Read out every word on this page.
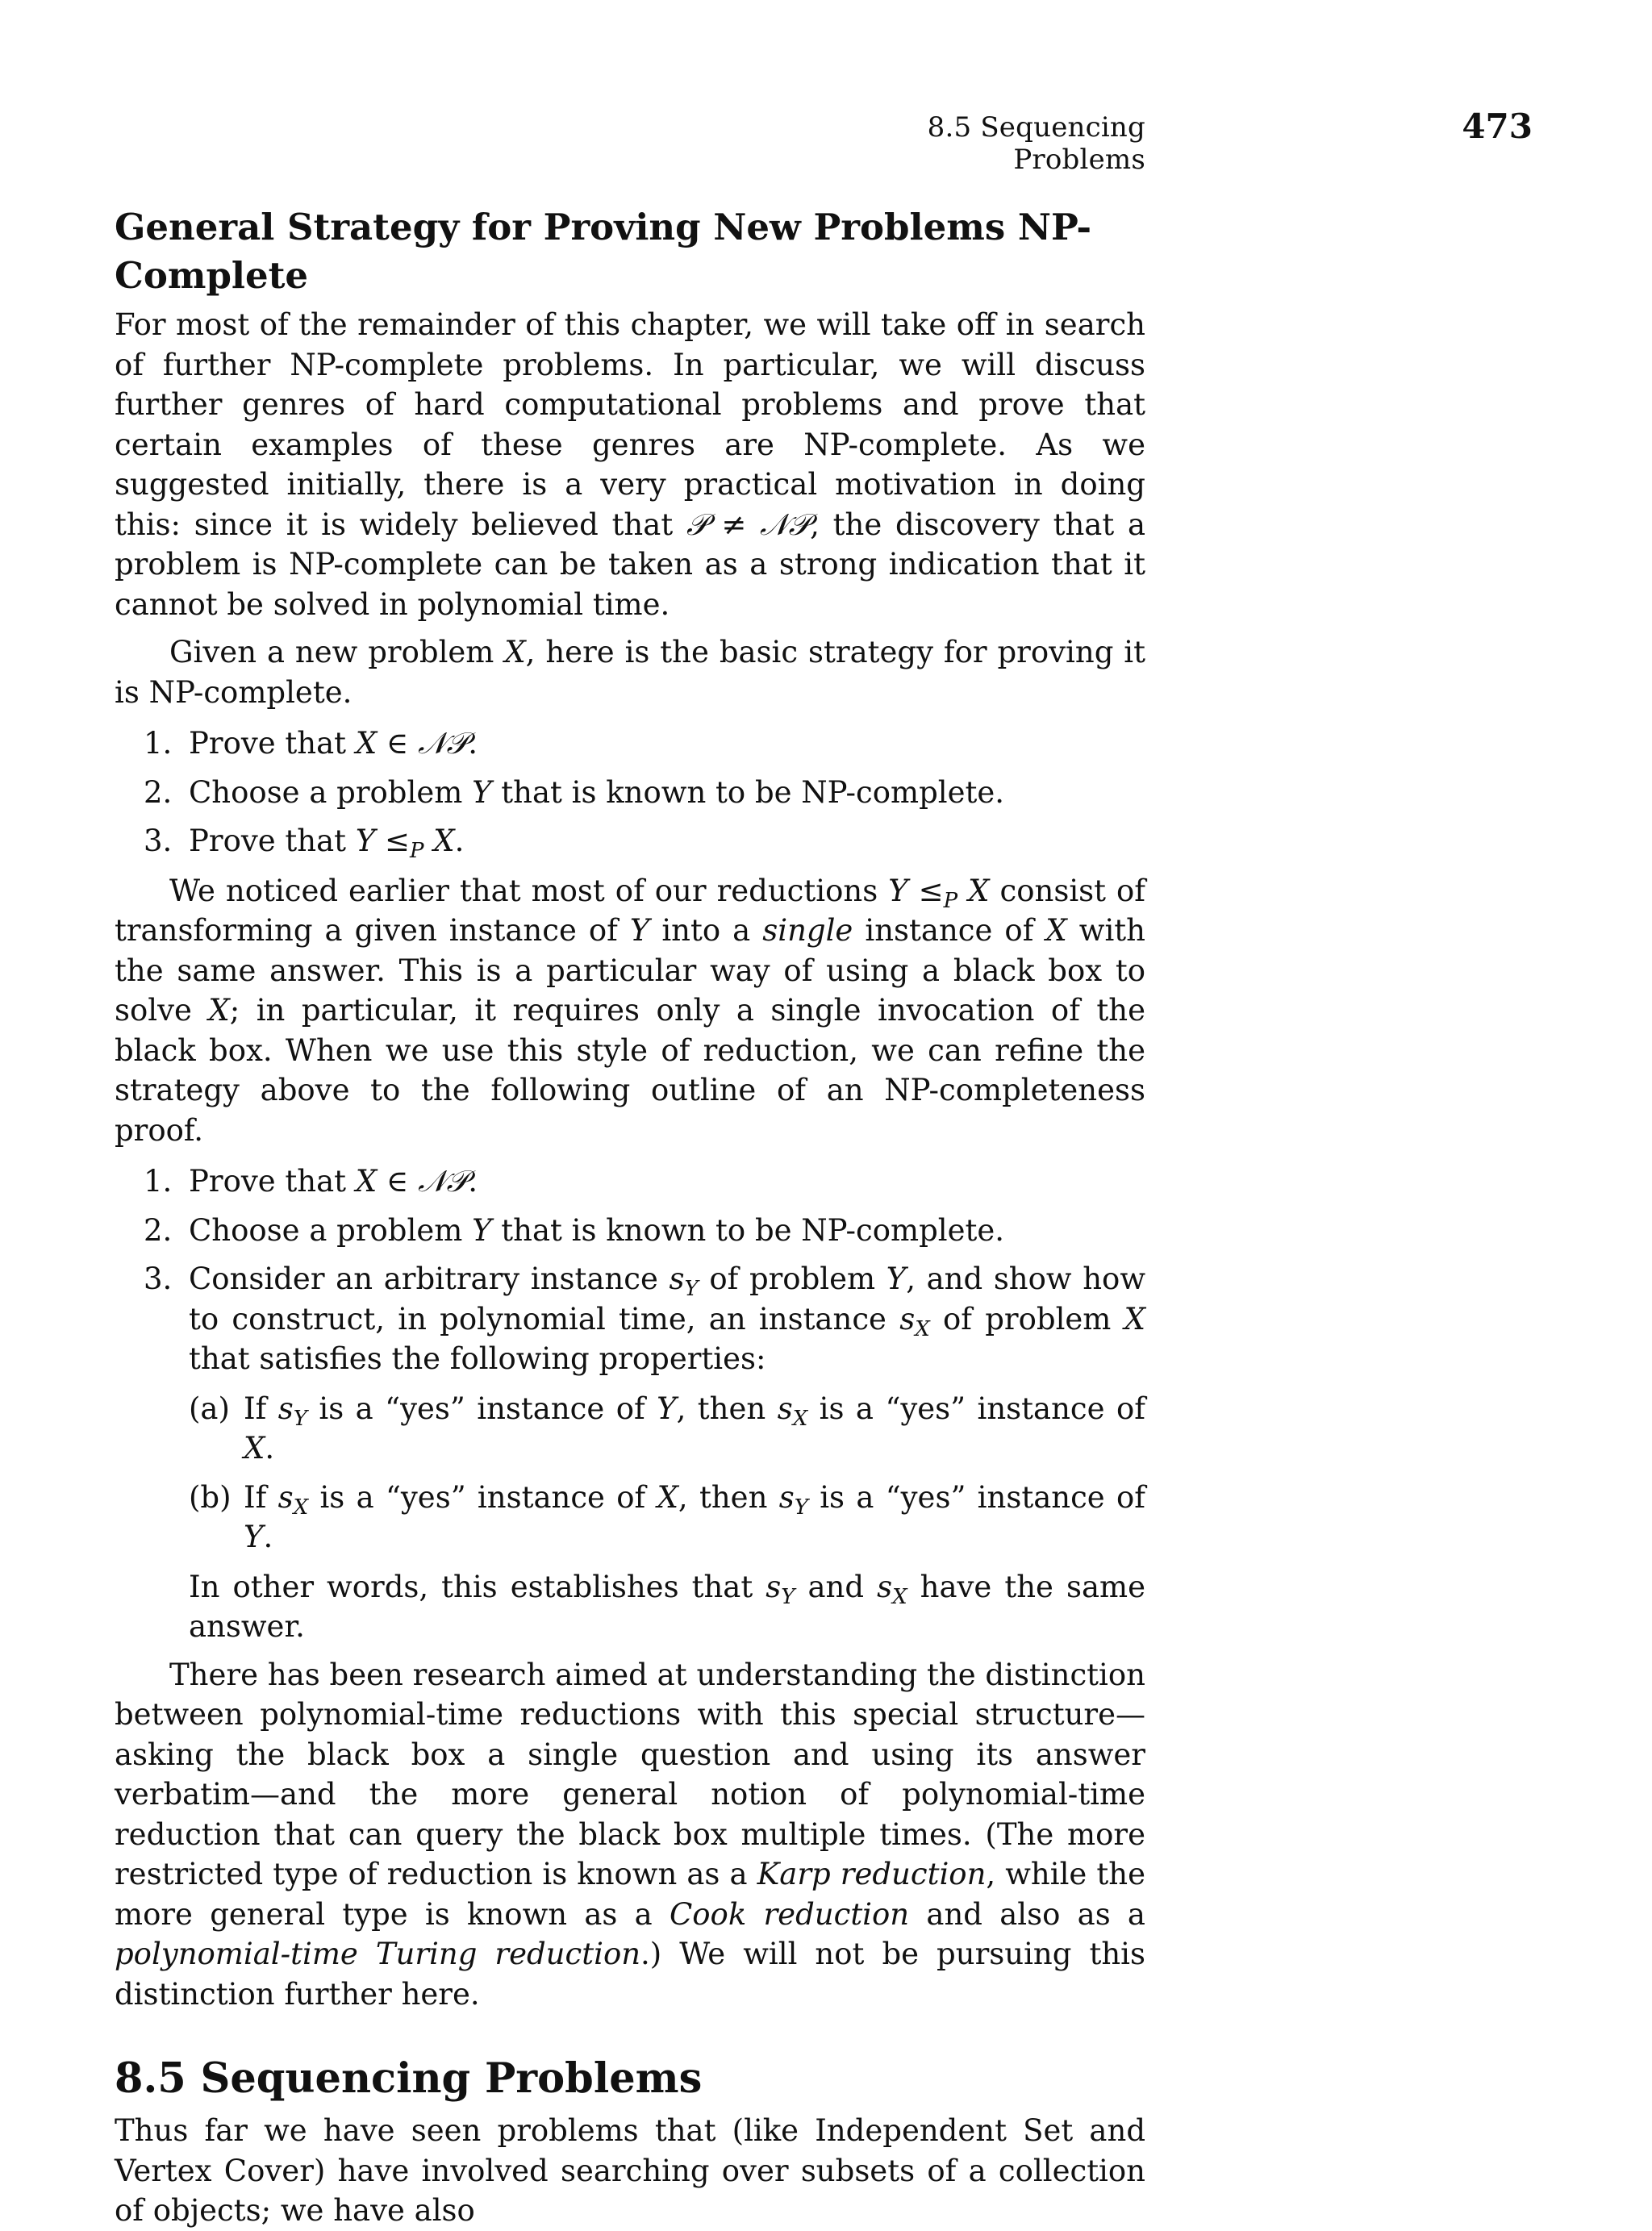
8.5 Sequencing Problems
473
General Strategy for Proving New Problems NP-Complete

For most of the remainder of this chapter, we will take off in search of further NP-complete problems. In particular, we will discuss further genres of hard computational problems and prove that certain examples of these genres are NP-complete. As we suggested initially, there is a very practical motivation in doing this: since it is widely believed that 𝒫 ≠ 𝒩𝒫, the discovery that a problem is NP-complete can be taken as a strong indication that it cannot be solved in polynomial time.

Given a new problem X, here is the basic strategy for proving it is NP-complete.

1. Prove that X ∈ 𝒩𝒫.
2. Choose a problem Y that is known to be NP-complete.
3. Prove that $Y \le_P$ X.

We noticed earlier that most of our reductions $Y \le_P$ X consist of transforming a given instance of Y into a single instance of X with the same answer. This is a particular way of using a black box to solve X; in particular, it requires only a single invocation of the black box. When we use this style of reduction, we can refine the strategy above to the following outline of an NP-completeness proof.

1. Prove that X ∈ 𝒩𝒫.
2. Choose a problem Y that is known to be NP-complete.
3. Consider an arbitrary instance $s_Y$ of problem Y, and show how to construct, in polynomial time, an instance $s_X$ of problem X that satisfies the following properties:
(a) If $s_Y$ is a “yes” instance of Y, then $s_X$ is a “yes” instance of X.
(b) If $s_X$ is a “yes” instance of X, then $s_Y$ is a “yes” instance of Y.

In other words, this establishes that $s_Y$ and $s_X$ have the same answer.

There has been research aimed at understanding the distinction between polynomial-time reductions with this special structure—asking the black box a single question and using its answer verbatim—and the more general notion of polynomial-time reduction that can query the black box multiple times. (The more restricted type of reduction is known as a Karp reduction, while the more general type is known as a Cook reduction and also as a polynomial-time Turing reduction.) We will not be pursuing this distinction further here.

8.5 Sequencing Problems

Thus far we have seen problems that (like Independent Set and Vertex Cover) have involved searching over subsets of a collection of objects; we have also
